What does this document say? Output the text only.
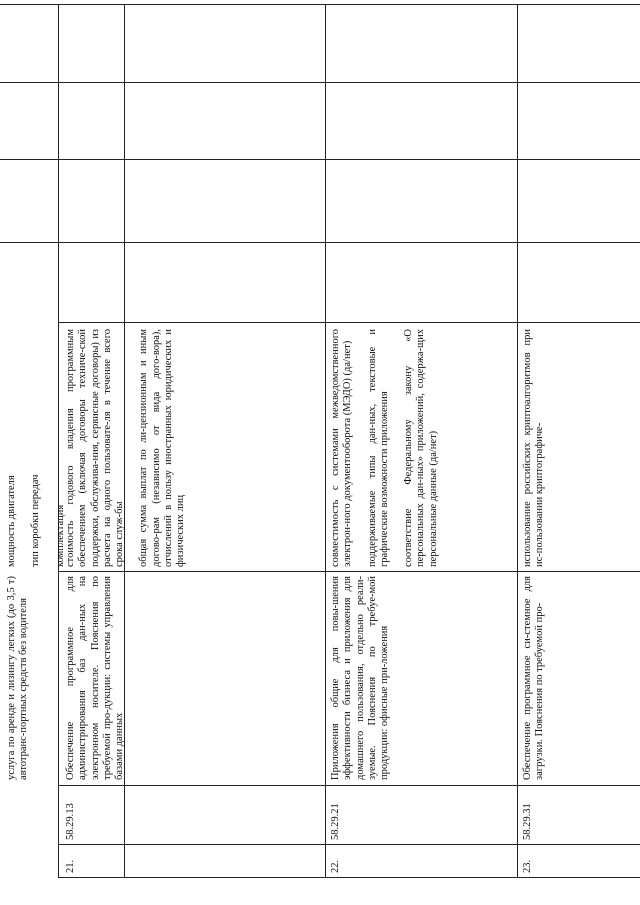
услуга по аренде и лизингу легких (до 3,5 т) автотранс-портных средств без водителя

мощность двигателя тип коробки передач комплектация

21.
58.29.13
Обеспечение программное для администрирования баз дан-ных на электронном носителе. Пояснения по требуемой про-дукции: системы управления базами данных

стоимость годового владения программным обеспечением (включая договоры техниче-ской поддержки, обслужива-ния, сервисные договоры) из расчета на одного пользовате-ля в течение всего срока служ-бы общая сумма выплат по ли-цензионным и иным догово-рам (независимо от вида дого-вора), отчислений в пользу иностранных юридических и физических лиц

22.
58.29.21
Приложения общие для повы-шения эффективности бизнеса и приложения для домашнего пользования, отдельно реали-зуемые. Пояснения по требуе-мой продукции: офисные при-ложения

совместимость с системами межведомственного электрон-ного документооборота (МЭДО) (да/нет) поддерживаемые типы дан-ных, текстовые и графические возможности приложения соответствие Федеральному закону «О персональных дан-ных» приложений, содержа-щих персональные данные (да/нет)

23.
58.29.31
Обеспечение программное си-стемное для загрузки. Пояснения по требуемой про-

использование российских криптоалгоритмов при ис-пользовании криптографиче-
